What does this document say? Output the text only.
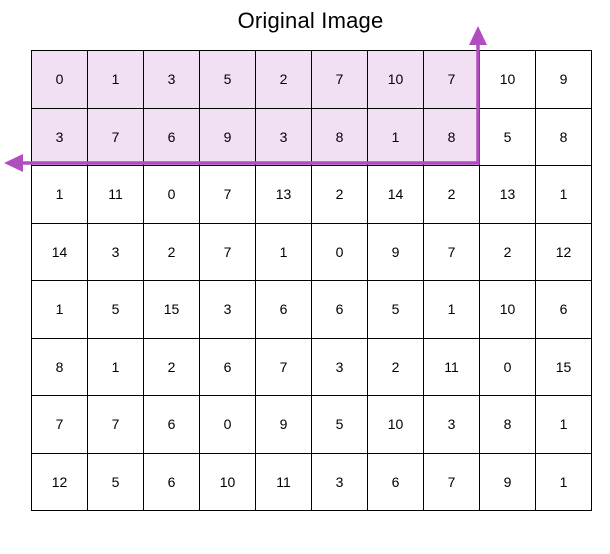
Original Image
0	1	3	5	2	7	10	7	10	9
3	7	6	9	3	8	1	8	5	8
1	11	0	7	13	2	14	2	13	1
14	3	2	7	1	0	9	7	2	12
1	5	15	3	6	6	5	1	10	6
8	1	2	6	7	3	2	11	0	15
7	7	6	0	9	5	10	3	8	1
12	5	6	10	11	3	6	7	9	1
